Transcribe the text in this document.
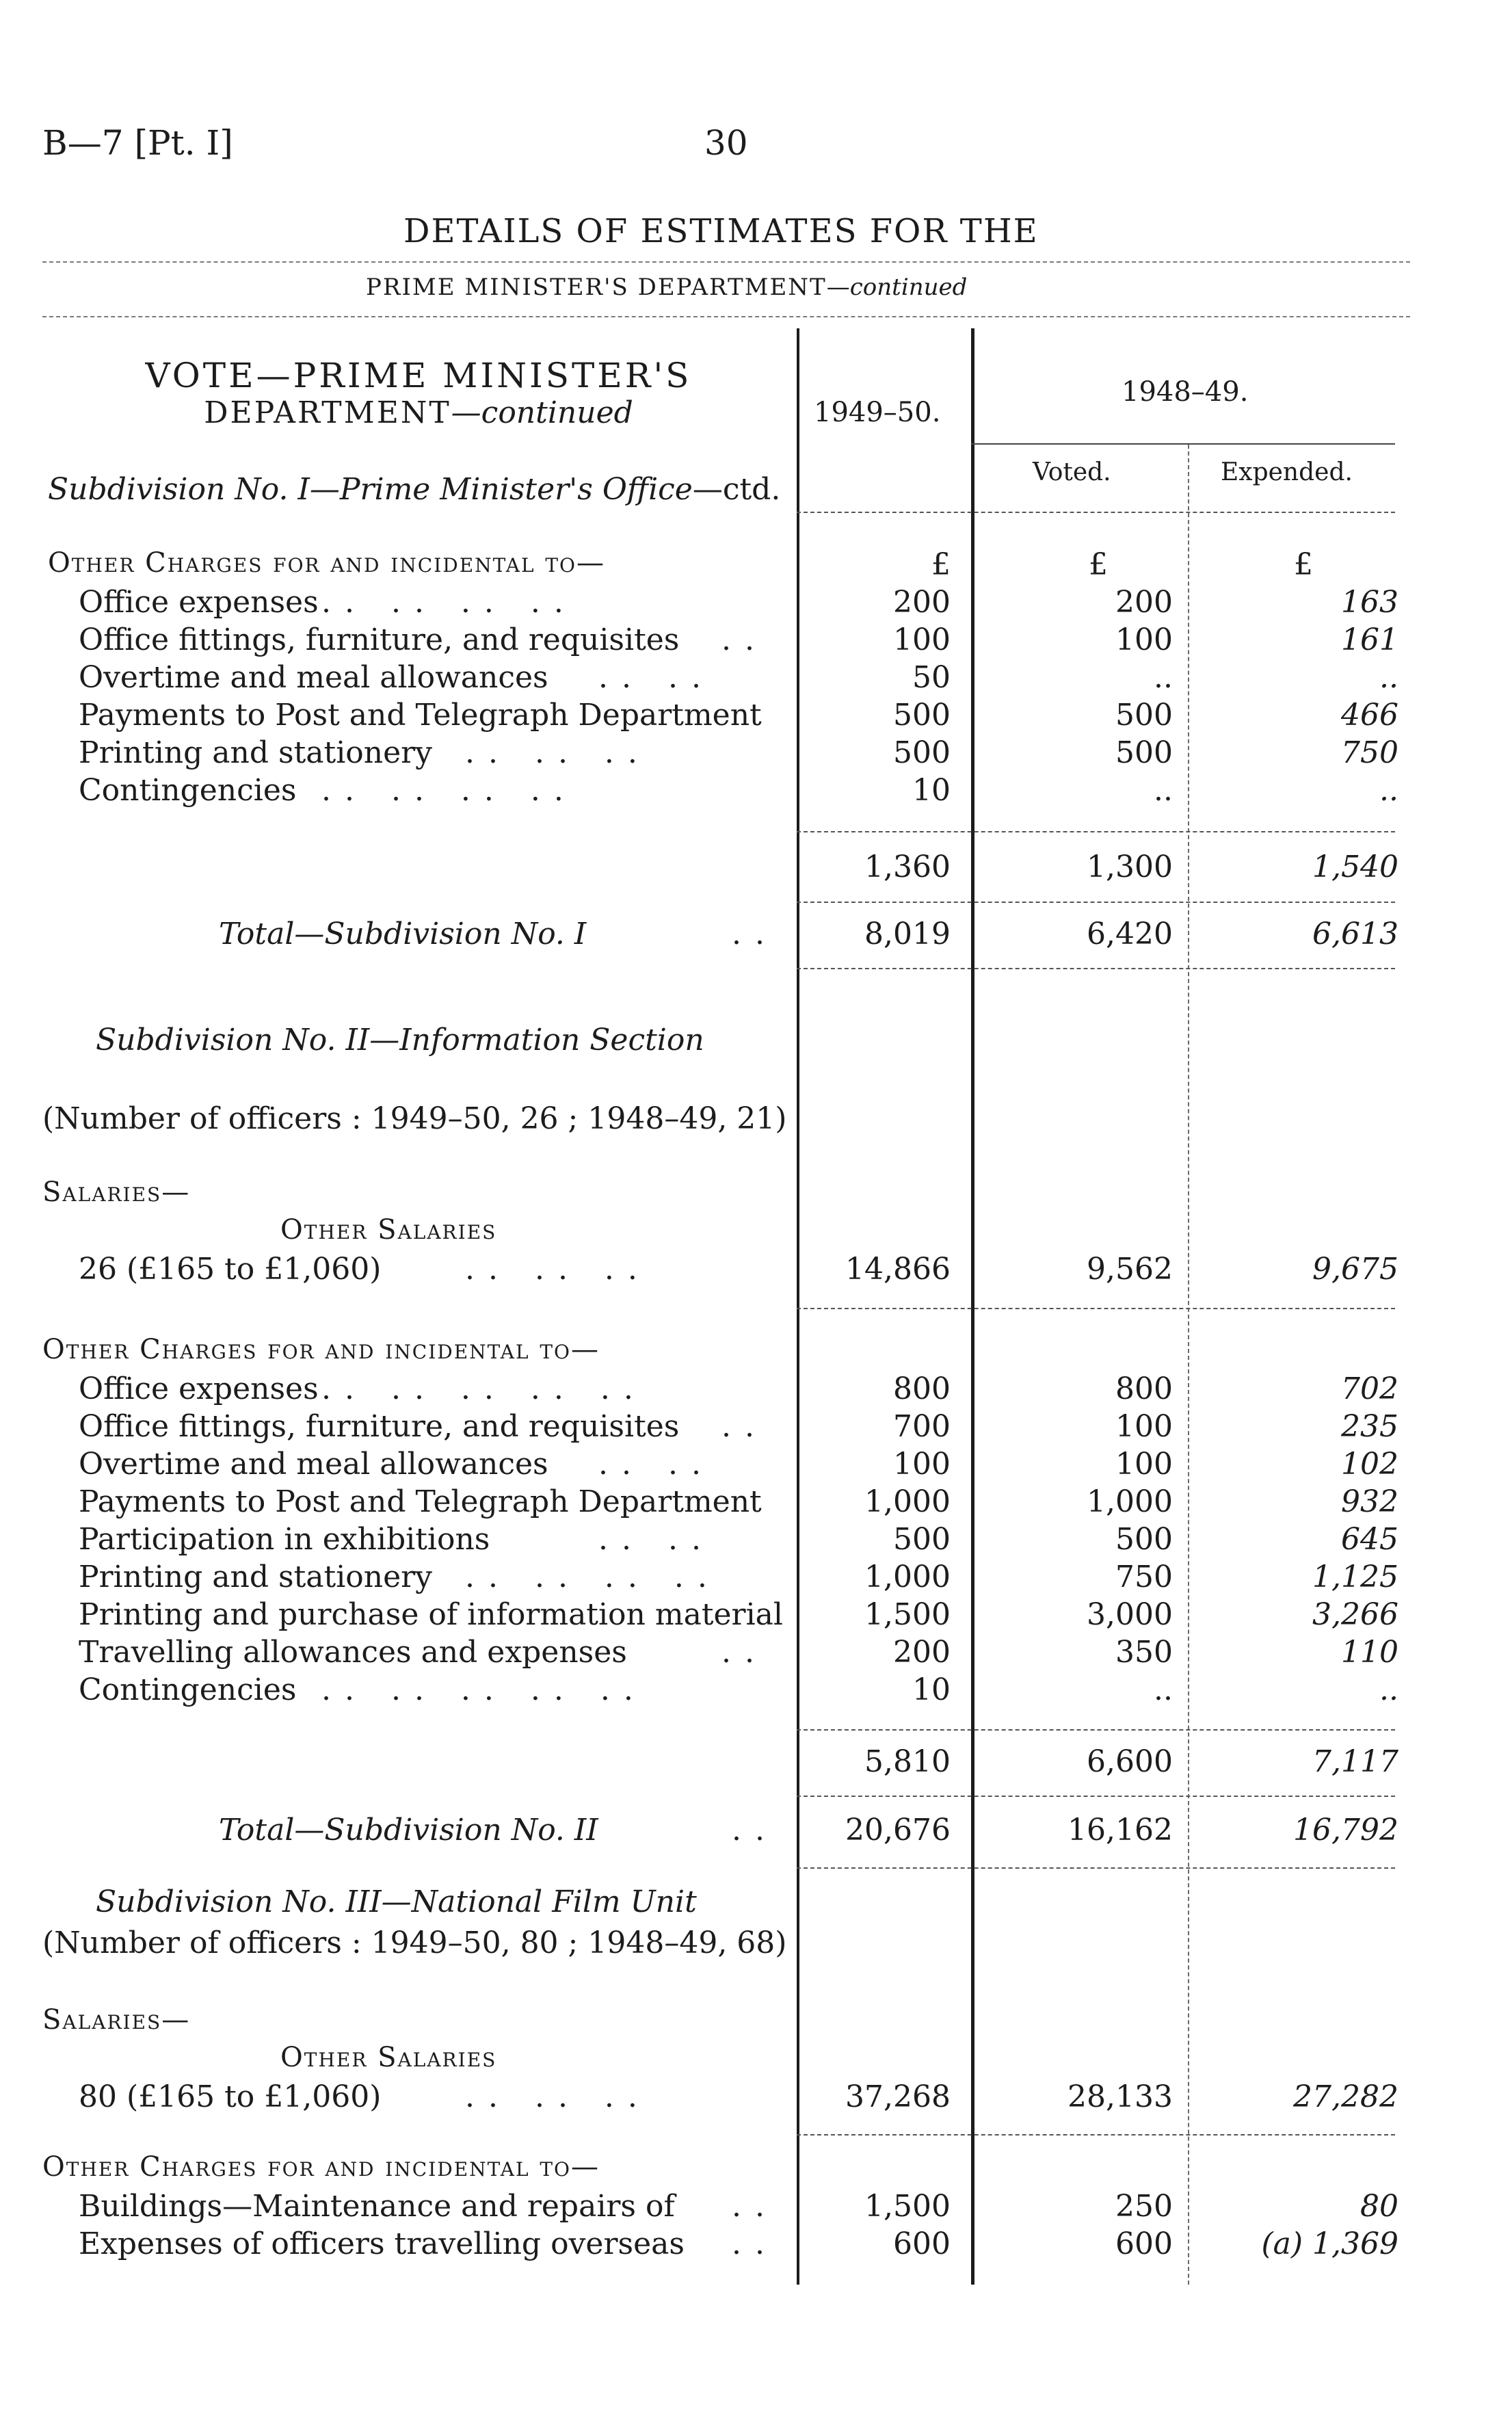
B—7 [Pt. I]	30
DETAILS OF ESTIMATES FOR THE
PRIME MINISTER'S DEPARTMENT—continued
1949–50.
1948–49.
Voted.	Expended.
VOTE—PRIME MINISTER'S
DEPARTMENT—continued
Subdivision No. I—Prime Minister's Office—ctd.
Other Charges for and incidental to—	£	£	£
Office expenses .. .. .. ..	200	200	163
Office fittings, furniture, and requisites ..	100	100	161
Overtime and meal allowances .. ..	50	..	..
Payments to Post and Telegraph Department	500	500	466
Printing and stationery .. .. ..	500	500	750
Contingencies .. .. .. ..	10	..	..
1,360	1,300	1,540
Total—Subdivision No. I	..	8,019	6,420	6,613
Subdivision No. II—Information Section
(Number of officers : 1949–50, 26 ; 1948–49, 21)
Salaries—
Other Salaries
26 (£165 to £1,060)	.. .. ..	14,866	9,562	9,675
Other Charges for and incidental to—
Office expenses .. .. .. .. ..	800	800	702
Office fittings, furniture, and requisites ..	700	100	235
Overtime and meal allowances .. ..	100	100	102
Payments to Post and Telegraph Department	1,000	1,000	932
Participation in exhibitions	.. ..	500	500	645
Printing and stationery .. .. .. ..	1,000	750	1,125
Printing and purchase of information material	1,500	3,000	3,266
Travelling allowances and expenses	..	200	350	110
Contingencies .. .. .. .. ..	10	..	..
5,810	6,600	7,117
Total—Subdivision No. II	..	20,676	16,162	16,792
Subdivision No. III—National Film Unit
(Number of officers : 1949–50, 80 ; 1948–49, 68)
Salaries—
Other Salaries
80 (£165 to £1,060)	.. .. ..	37,268	28,133	27,282
Other Charges for and incidental to—
Buildings—Maintenance and repairs of ..	1,500	250	80
Expenses of officers travelling overseas ..	600	600	(a) 1,369
